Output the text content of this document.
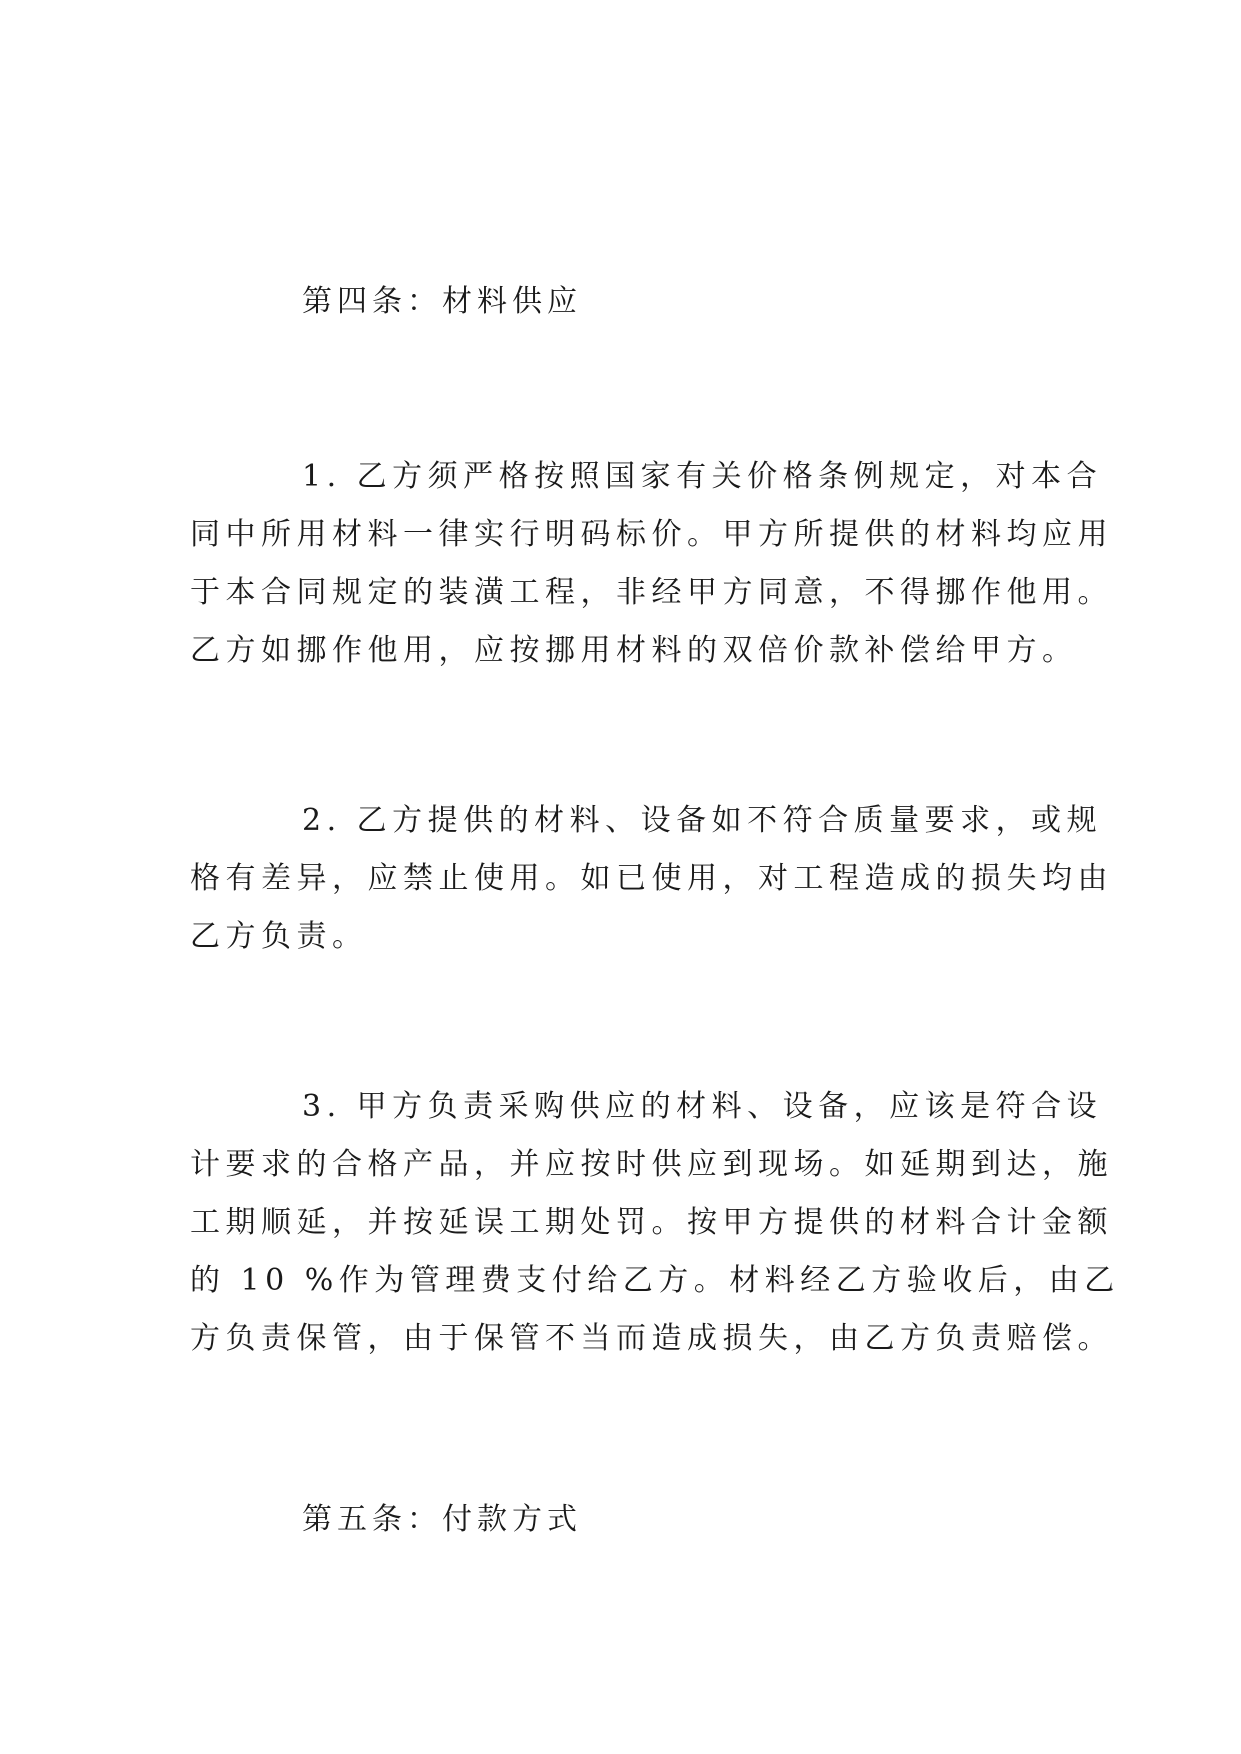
第四条：材料供应
1. 乙方须严格按照国家有关价格条例规定，对本合
同中所用材料一律实行明码标价。甲方所提供的材料均应用
于本合同规定的装潢工程，非经甲方同意，不得挪作他用。
乙方如挪作他用，应按挪用材料的双倍价款补偿给甲方。
2. 乙方提供的材料、设备如不符合质量要求，或规
格有差异，应禁止使用。如已使用，对工程造成的损失均由
乙方负责。
3. 甲方负责采购供应的材料、设备，应该是符合设
计要求的合格产品，并应按时供应到现场。如延期到达，施
工期顺延，并按延误工期处罚。按甲方提供的材料合计金额
的 10 %作为管理费支付给乙方。材料经乙方验收后，由乙
方负责保管，由于保管不当而造成损失，由乙方负责赔偿。
第五条：付款方式
